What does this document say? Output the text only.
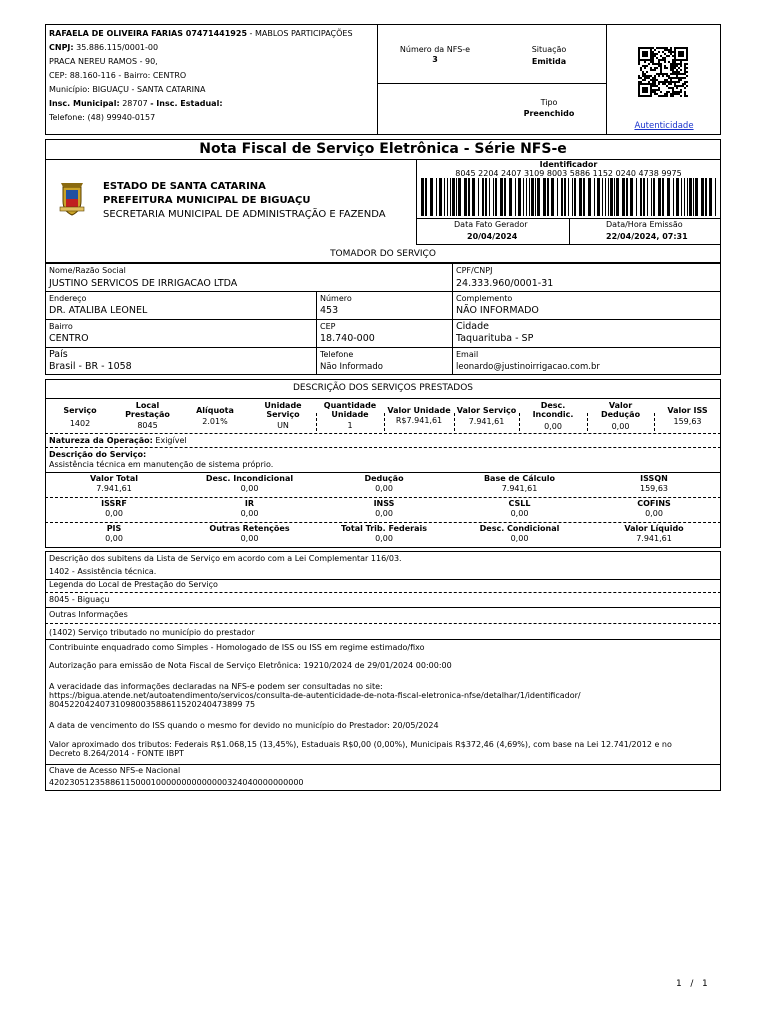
RAFAELA DE OLIVEIRA FARIAS 07471441925 - MABLOS PARTICIPAÇÕES
CNPJ: 35.886.115/0001-00
PRACA NEREU RAMOS - 90,
CEP: 88.160-116 - Bairro: CENTRO
Município: BIGUAÇU - SANTA CATARINA
Insc. Municipal: 28707 - Insc. Estadual:
Telefone: (48) 99940-0157
Número da NFS-e
3
Situação
Emitida
Tipo
Preenchido
Autenticidade
Nota Fiscal de Serviço Eletrônica - Série NFS-e
ESTADO DE SANTA CATARINA
PREFEITURA MUNICIPAL DE BIGUAÇU
SECRETARIA MUNICIPAL DE ADMINISTRAÇÃO E FAZENDA
Identificador
8045 2204 2407 3109 8003 5886 1152 0240 4738 9975
Data Fato Gerador
20/04/2024
Data/Hora Emissão
22/04/2024, 07:31
TOMADOR DO SERVIÇO
Nome/Razão Social
JUSTINO SERVICOS DE IRRIGACAO LTDA
CPF/CNPJ
24.333.960/0001-31
Endereço
DR. ATALIBA LEONEL
Número
453
Complemento
NÃO INFORMADO
Bairro
CENTRO
CEP
18.740-000
Cidade
Taquarituba - SP
País
Brasil - BR - 1058
Telefone
Não Informado
Email
leonardo@justinoirrigacao.com.br
DESCRIÇÃO DOS SERVIÇOS PRESTADOS
Serviço
1402
Local Prestação
8045
Alíquota
2.01%
Unidade Serviço
UN
Quantidade Unidade
1
Valor Unidade
R$7.941,61
Valor Serviço
7.941,61
Desc. Incondic.
0,00
Valor Dedução
0,00
Valor ISS
159,63
Natureza da Operação: Exigível
Descrição do Serviço:
Assistência técnica em manutenção de sistema próprio.
Valor Total
7.941,61
Desc. Incondicional
0,00
Dedução
0,00
Base de Cálculo
7.941,61
ISSQN
159,63
ISSRF
0,00
IR
0,00
INSS
0,00
CSLL
0,00
COFINS
0,00
PIS
0,00
Outras Retenções
0,00
Total Trib. Federais
0,00
Desc. Condicional
0,00
Valor Líquido
7.941,61
Descrição dos subitens da Lista de Serviço em acordo com a Lei Complementar 116/03.
1402 - Assistência técnica.
Legenda do Local de Prestação do Serviço
8045 - Biguaçu
Outras Informações
(1402) Serviço tributado no município do prestador
Contribuinte enquadrado como Simples - Homologado de ISS ou ISS em regime estimado/fixo
Autorização para emissão de Nota Fiscal de Serviço Eletrônica: 19210/2024 de 29/01/2024 00:00:00
A veracidade das informações declaradas na NFS-e podem ser consultadas no site:
https://bigua.atende.net/autoatendimento/servicos/consulta-de-autenticidade-de-nota-fiscal-eletronica-nfse/detalhar/1/identificador/
80452204240731098003588611520240473899 75
A data de vencimento do ISS quando o mesmo for devido no município do Prestador: 20/05/2024
Valor aproximado dos tributos: Federais R$1.068,15 (13,45%), Estaduais R$0,00 (0,00%), Municipais R$372,46 (4,69%), com base na Lei 12.741/2012 e no
Decreto 8.264/2014 - FONTE IBPT
Chave de Acesso NFS-e Nacional
42023051235886115000100000000000000324040000000000
1 / 1
